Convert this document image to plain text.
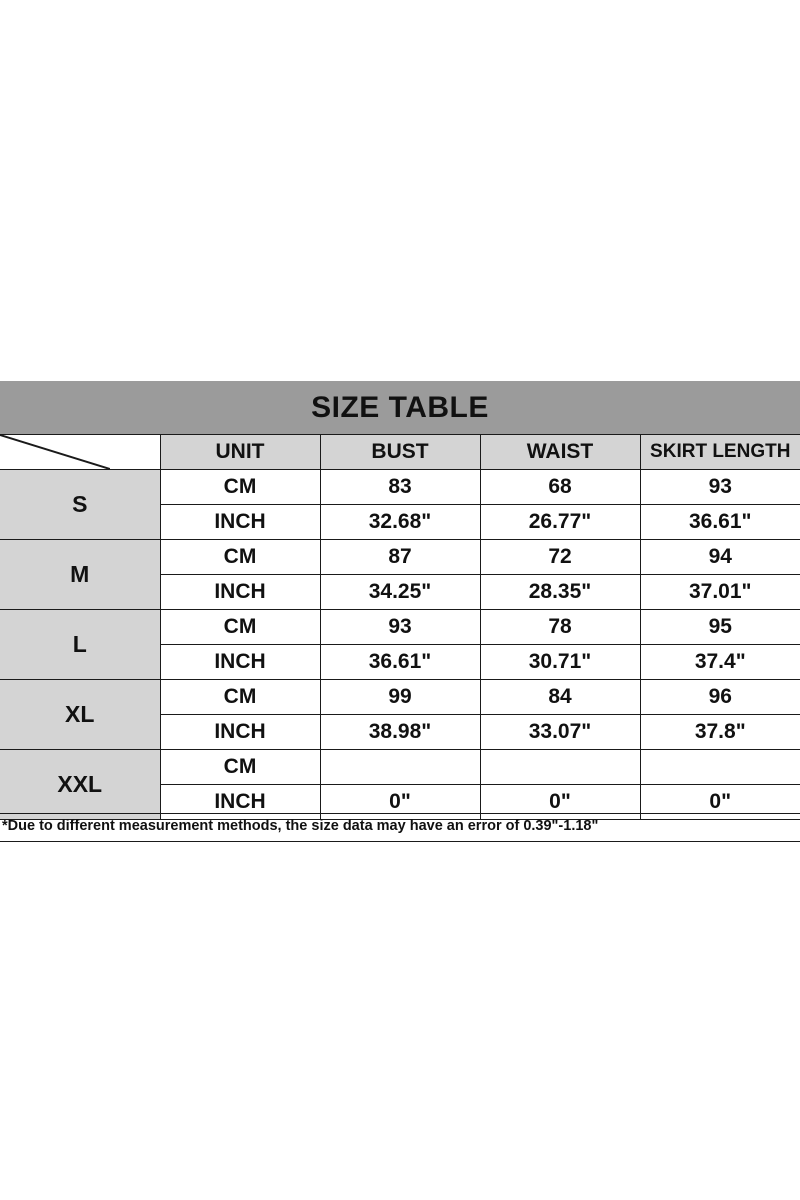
SIZE TABLE				

	UNIT	BUST	WAIST	SKIRT LENGTH
S	CM	83	68	93
	INCH	32.68"	26.77"	36.61"
M	CM	87	72	94
	INCH	34.25"	28.35"	37.01"
L	CM	93	78	95
	INCH	36.61"	30.71"	37.4"
XL	CM	99	84	96
	INCH	38.98"	33.07"	37.8"
XXL	CM			
	INCH	0"	0"	0"
*Due to different measurement methods, the size data may have an error of 0.39"-1.18"
